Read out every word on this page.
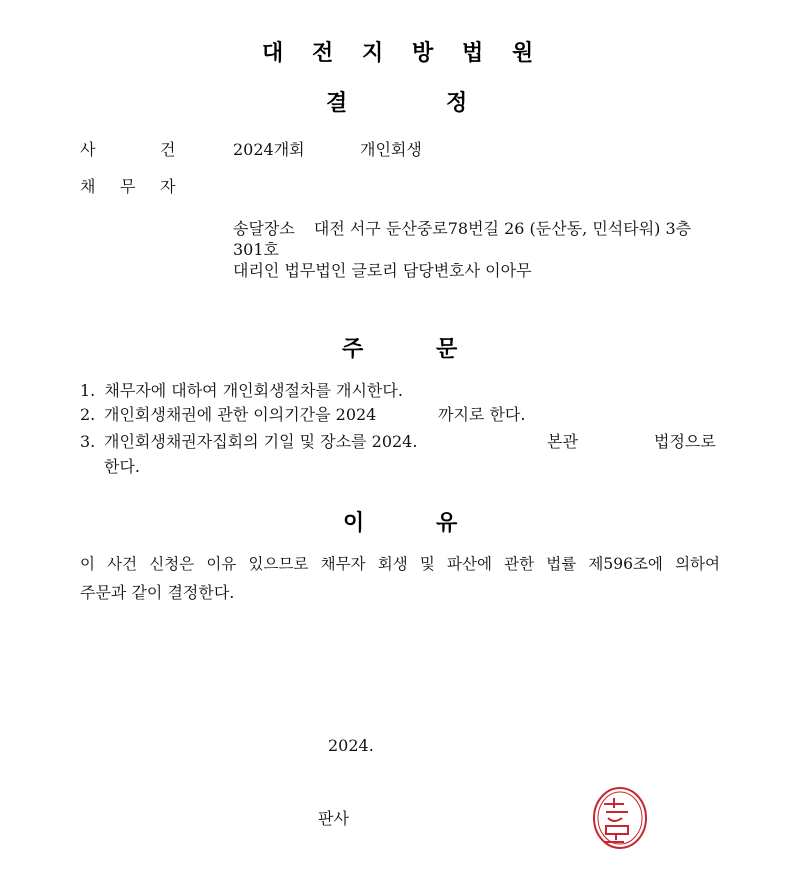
대 전 지 방 법 원
결	정
사	건	2024개회	개인회생
채 무 자
송달장소 대전 서구 둔산중로78번길 26 (둔산동, 민석타워) 3층
301호
대리인 법무법인 글로리 담당변호사 이아무
주	문
1. 채무자에 대하여 개인회생절차를 개시한다.
2. 개인회생채권에 관한 이의기간을 2024	까지로 한다.
3. 개인회생채권자집회의 기일 및 장소를 2024.	본관	법정으로
한다.
이	유
이 사건 신청은 이유 있으므로 채무자 회생 및 파산에 관한 법률 제596조에 의하여
주문과 같이 결정한다.
2024.
판사
